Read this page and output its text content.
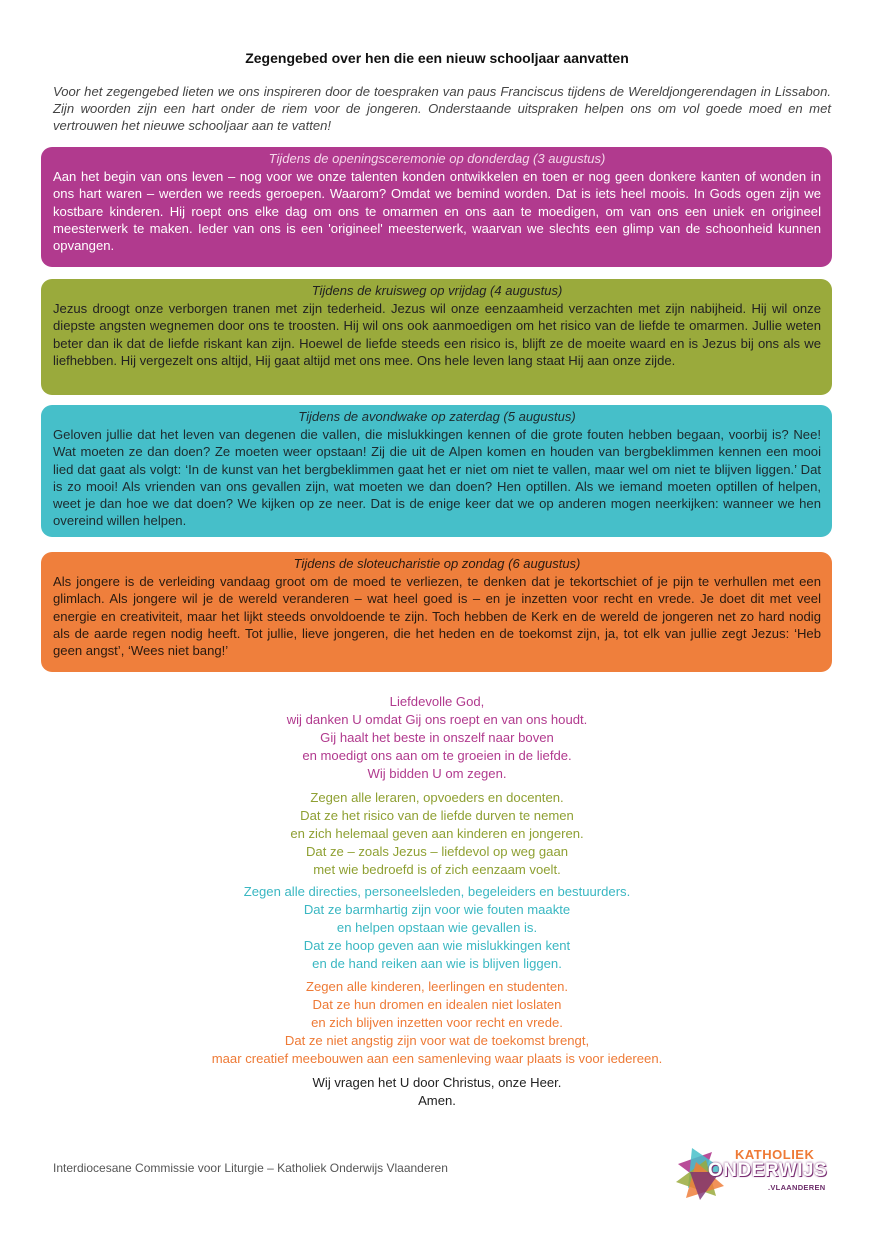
Zegengebed over hen die een nieuw schooljaar aanvatten
Voor het zegengebed lieten we ons inspireren door de toespraken van paus Franciscus tijdens de Wereldjongerendagen in Lissabon. Zijn woorden zijn een hart onder de riem voor de jongeren. Onderstaande uitspraken helpen ons om vol goede moed en met vertrouwen het nieuwe schooljaar aan te vatten!
Tijdens de openingsceremonie op donderdag (3 augustus)
Aan het begin van ons leven – nog voor we onze talenten konden ontwikkelen en toen er nog geen donkere kanten of wonden in ons hart waren – werden we reeds geroepen. Waarom? Omdat we bemind worden. Dat is iets heel moois. In Gods ogen zijn we kostbare kinderen. Hij roept ons elke dag om ons te omarmen en ons aan te moedigen, om van ons een uniek en origineel meesterwerk te maken. Ieder van ons is een 'origineel' meesterwerk, waarvan we slechts een glimp van de schoonheid kunnen opvangen.
Tijdens de kruisweg op vrijdag (4 augustus)
Jezus droogt onze verborgen tranen met zijn tederheid. Jezus wil onze eenzaamheid verzachten met zijn nabijheid. Hij wil onze diepste angsten wegnemen door ons te troosten. Hij wil ons ook aanmoedigen om het risico van de liefde te omarmen. Jullie weten beter dan ik dat de liefde riskant kan zijn. Hoewel de liefde steeds een risico is, blijft ze de moeite waard en is Jezus bij ons als we liefhebben. Hij vergezelt ons altijd, Hij gaat altijd met ons mee. Ons hele leven lang staat Hij aan onze zijde.
Tijdens de avondwake op zaterdag (5 augustus)
Geloven jullie dat het leven van degenen die vallen, die mislukkingen kennen of die grote fouten hebben begaan, voorbij is? Nee! Wat moeten ze dan doen? Ze moeten weer opstaan! Zij die uit de Alpen komen en houden van bergbeklimmen kennen een mooi lied dat gaat als volgt: ‘In de kunst van het bergbeklimmen gaat het er niet om niet te vallen, maar wel om niet te blijven liggen.’ Dat is zo mooi! Als vrienden van ons gevallen zijn, wat moeten we dan doen? Hen optillen. Als we iemand moeten optillen of helpen, weet je dan hoe we dat doen? We kijken op ze neer. Dat is de enige keer dat we op anderen mogen neerkijken: wanneer we hen overeind willen helpen.
Tijdens de sloteucharistie op zondag (6 augustus)
Als jongere is de verleiding vandaag groot om de moed te verliezen, te denken dat je tekortschiet of je pijn te verhullen met een glimlach. Als jongere wil je de wereld veranderen – wat heel goed is – en je inzetten voor recht en vrede. Je doet dit met veel energie en creativiteit, maar het lijkt steeds onvoldoende te zijn. Toch hebben de Kerk en de wereld de jongeren net zo hard nodig als de aarde regen nodig heeft. Tot jullie, lieve jongeren, die het heden en de toekomst zijn, ja, tot elk van jullie zegt Jezus: ‘Heb geen angst’, ‘Wees niet bang!’
Liefdevolle God,
wij danken U omdat Gij ons roept en van ons houdt.
Gij haalt het beste in onszelf naar boven
en moedigt ons aan om te groeien in de liefde.
Wij bidden U om zegen.
Zegen alle leraren, opvoeders en docenten.
Dat ze het risico van de liefde durven te nemen
en zich helemaal geven aan kinderen en jongeren.
Dat ze – zoals Jezus – liefdevol op weg gaan
met wie bedroefd is of zich eenzaam voelt.
Zegen alle directies, personeelsleden, begeleiders en bestuurders.
Dat ze barmhartig zijn voor wie fouten maakte
en helpen opstaan wie gevallen is.
Dat ze hoop geven aan wie mislukkingen kent
en de hand reiken aan wie is blijven liggen.
Zegen alle kinderen, leerlingen en studenten.
Dat ze hun dromen en idealen niet loslaten
en zich blijven inzetten voor recht en vrede.
Dat ze niet angstig zijn voor wat de toekomst brengt,
maar creatief meebouwen aan een samenleving waar plaats is voor iedereen.
Wij vragen het U door Christus, onze Heer.
Amen.
Interdiocesane Commissie voor Liturgie – Katholiek Onderwijs Vlaanderen
KATHOLIEK
ONDERWIJS
.VLAANDEREN
